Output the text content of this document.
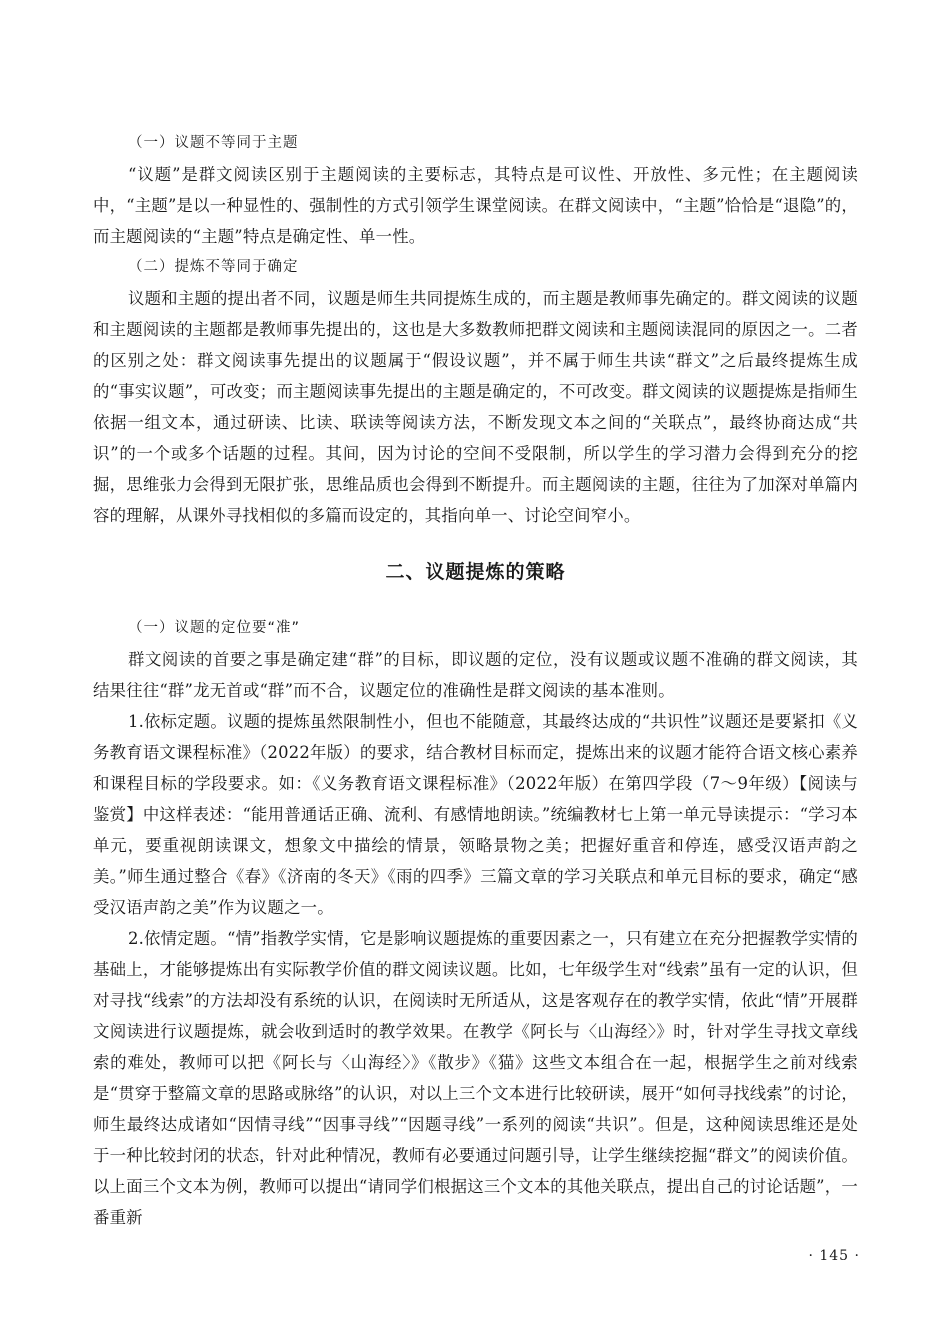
（一）议题不等同于主题

“议题”是群文阅读区别于主题阅读的主要标志，其特点是可议性、开放性、多元性；在主题阅读中，“主题”是以一种显性的、强制性的方式引领学生课堂阅读。在群文阅读中，“主题”恰恰是“退隐”的，而主题阅读的“主题”特点是确定性、单一性。

（二）提炼不等同于确定

议题和主题的提出者不同，议题是师生共同提炼生成的，而主题是教师事先确定的。群文阅读的议题和主题阅读的主题都是教师事先提出的，这也是大多数教师把群文阅读和主题阅读混同的原因之一。二者的区别之处：群文阅读事先提出的议题属于“假设议题”，并不属于师生共读“群文”之后最终提炼生成的“事实议题”，可改变；而主题阅读事先提出的主题是确定的，不可改变。群文阅读的议题提炼是指师生依据一组文本，通过研读、比读、联读等阅读方法，不断发现文本之间的“关联点”，最终协商达成“共识”的一个或多个话题的过程。其间，因为讨论的空间不受限制，所以学生的学习潜力会得到充分的挖掘，思维张力会得到无限扩张，思维品质也会得到不断提升。而主题阅读的主题，往往为了加深对单篇内容的理解，从课外寻找相似的多篇而设定的，其指向单一、讨论空间窄小。

二、议题提炼的策略
（一）议题的定位要“准”

群文阅读的首要之事是确定建“群”的目标，即议题的定位，没有议题或议题不准确的群文阅读，其结果往往“群”龙无首或“群”而不合，议题定位的准确性是群文阅读的基本准则。

1.依标定题。议题的提炼虽然限制性小，但也不能随意，其最终达成的“共识性”议题还是要紧扣《义务教育语文课程标准》（2022年版）的要求，结合教材目标而定，提炼出来的议题才能符合语文核心素养和课程目标的学段要求。如：《义务教育语文课程标准》（2022年版）在第四学段（7～9年级）【阅读与鉴赏】中这样表述：“能用普通话正确、流利、有感情地朗读。”统编教材七上第一单元导读提示：“学习本单元，要重视朗读课文，想象文中描绘的情景，领略景物之美；把握好重音和停连，感受汉语声韵之美。”师生通过整合《春》《济南的冬天》《雨的四季》三篇文章的学习关联点和单元目标的要求，确定“感受汉语声韵之美”作为议题之一。

2.依情定题。“情”指教学实情，它是影响议题提炼的重要因素之一，只有建立在充分把握教学实情的基础上，才能够提炼出有实际教学价值的群文阅读议题。比如，七年级学生对“线索”虽有一定的认识，但对寻找“线索”的方法却没有系统的认识，在阅读时无所适从，这是客观存在的教学实情，依此“情”开展群文阅读进行议题提炼，就会收到适时的教学效果。在教学《阿长与〈山海经〉》时，针对学生寻找文章线索的难处，教师可以把《阿长与〈山海经〉》《散步》《猫》这些文本组合在一起，根据学生之前对线索是“贯穿于整篇文章的思路或脉络”的认识，对以上三个文本进行比较研读，展开“如何寻找线索”的讨论，师生最终达成诸如“因情寻线”“因事寻线”“因题寻线”一系列的阅读“共识”。但是，这种阅读思维还是处于一种比较封闭的状态，针对此种情况，教师有必要通过问题引导，让学生继续挖掘“群文”的阅读价值。以上面三个文本为例，教师可以提出“请同学们根据这三个文本的其他关联点，提出自己的讨论话题”，一番重新

· 145 ·
